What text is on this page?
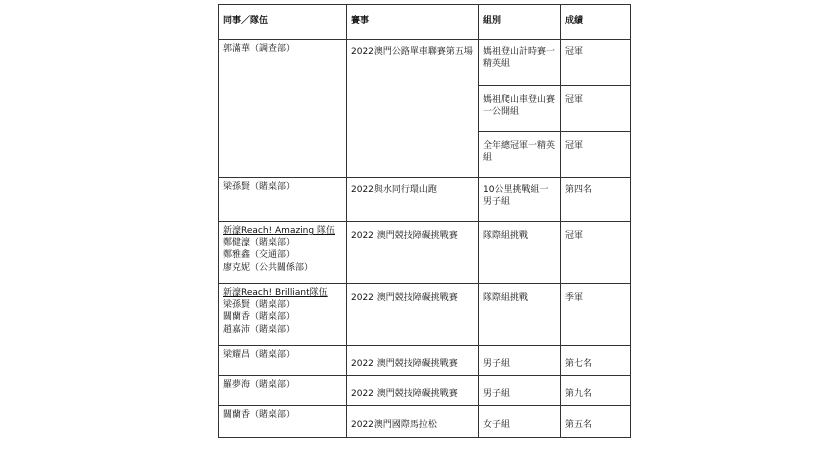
同事／隊伍	賽事	組別	成績

郭滿華（調查部）	2022澳門公路單車聯賽第五場	媽祖登山計時賽一精英組	冠軍
		媽祖爬山車登山賽一公開組	冠軍
		全年總冠軍一精英組	冠軍

梁孫賢（賭桌部）	2022與水同行環山跑	10公里挑戰組一男子組	第四名

新濠Reach! Amazing 隊伍
鄭健濠（賭桌部）
鄭雅鑫（交通部）
廖克妮（公共關係部）	2022 澳門競技障礙挑戰賽	隊際組挑戰	冠軍

新濠Reach! Brilliant隊伍
梁孫賢（賭桌部）
關蘭香（賭桌部）
趙嘉沛（賭桌部）	2022 澳門競技障礙挑戰賽	隊際組挑戰	季軍

梁耀昌（賭桌部）	2022 澳門競技障礙挑戰賽	男子組	第七名

羅夢海（賭桌部）	2022 澳門競技障礙挑戰賽	男子組	第九名

關蘭香（賭桌部）	2022澳門國際馬拉松	女子組	第五名
